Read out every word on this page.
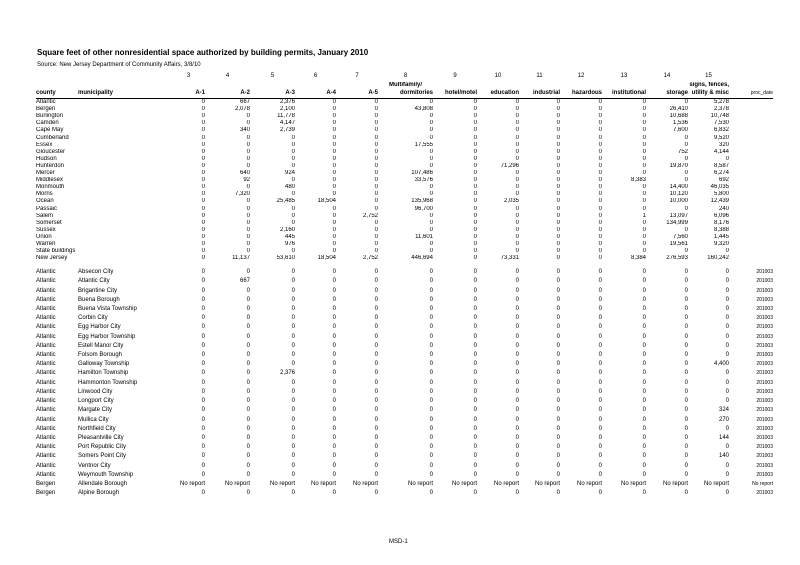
Square feet of other nonresidential space authorized by building permits, January 2010
Source: New Jersey Department of Community Affairs, 3/8/10
		3	4	5	6	7	8	9	10	11	12	13	14	15	
							Multifamily/							signs, fences,	
county	municipality	A-1	A-2	A-3	A-4	A-5	dormitories	hotel/motel	education	industrial	hazardous	institutional	storage	utility & misc	proc_date
Atlantic		0	667	2,376	0	0	0	0	0	0	0	0	0	5,278	
Bergen		0	2,078	2,100	0	0	43,808	0	0	0	0	0	26,410	2,378	
Burlington		0	0	11,778	0	0	0	0	0	0	0	0	10,688	10,748	
Camden		0	0	4,147	0	0	0	0	0	0	0	0	1,536	7,530	
Cape May		0	340	2,739	0	0	0	0	0	0	0	0	7,600	6,832	
Cumberland		0	0	0	0	0	0	0	0	0	0	0	0	9,520	
Essex		0	0	0	0	0	17,555	0	0	0	0	0	0	320	
Gloucester		0	0	0	0	0	0	0	0	0	0	0	752	4,144	
Hudson		0	0	0	0	0	0	0	0	0	0	0	0	0	
Hunterdon		0	0	0	0	0	0	0	71,296	0	0	0	19,870	8,587	
Mercer		0	640	924	0	0	107,486	0	0	0	0	0	0	6,274	
Middlesex		0	92	0	0	0	33,576	0	0	0	0	8,383	0	692	
Monmouth		0	0	480	0	0	0	0	0	0	0	0	14,400	46,035	
Morris		0	7,320	0	0	0	0	0	0	0	0	0	10,120	5,800	
Ocean		0	0	25,485	18,504	0	135,968	0	2,035	0	0	0	10,000	12,439	
Passaic		0	0	0	0	0	96,700	0	0	0	0	0	0	240	
Salem		0	0	0	0	2,752	0	0	0	0	0	1	13,097	6,096	
Somerset		0	0	0	0	0	0	0	0	0	0	0	134,999	8,176	
Sussex		0	0	2,160	0	0	0	0	0	0	0	0	0	8,388	
Union		0	0	445	0	0	11,601	0	0	0	0	0	7,560	1,445	
Warren		0	0	976	0	0	0	0	0	0	0	0	19,561	9,320	
State buildings		0	0	0	0	0	0	0	0	0	0	0	0	0	
New Jersey		0	11,137	53,610	18,504	2,752	446,694	0	73,331	0	0	8,384	276,593	160,242	

Atlantic	Absecon City	0	0	0	0	0	0	0	0	0	0	0	0	0	201003
Atlantic	Atlantic City	0	667	0	0	0	0	0	0	0	0	0	0	0	201003
Atlantic	Brigantine City	0	0	0	0	0	0	0	0	0	0	0	0	0	201003
Atlantic	Buena Borough	0	0	0	0	0	0	0	0	0	0	0	0	0	201003
Atlantic	Buena Vista Township	0	0	0	0	0	0	0	0	0	0	0	0	0	201003
Atlantic	Corbin City	0	0	0	0	0	0	0	0	0	0	0	0	0	201003
Atlantic	Egg Harbor City	0	0	0	0	0	0	0	0	0	0	0	0	0	201003
Atlantic	Egg Harbor Township	0	0	0	0	0	0	0	0	0	0	0	0	0	201003
Atlantic	Estell Manor City	0	0	0	0	0	0	0	0	0	0	0	0	0	201003
Atlantic	Folsom Borough	0	0	0	0	0	0	0	0	0	0	0	0	0	201003
Atlantic	Galloway Township	0	0	0	0	0	0	0	0	0	0	0	0	4,400	201003
Atlantic	Hamilton Township	0	0	2,376	0	0	0	0	0	0	0	0	0	0	201003
Atlantic	Hammonton Township	0	0	0	0	0	0	0	0	0	0	0	0	0	201003
Atlantic	Linwood City	0	0	0	0	0	0	0	0	0	0	0	0	0	201003
Atlantic	Longport City	0	0	0	0	0	0	0	0	0	0	0	0	0	201003
Atlantic	Margate City	0	0	0	0	0	0	0	0	0	0	0	0	324	201003
Atlantic	Mullica City	0	0	0	0	0	0	0	0	0	0	0	0	270	201003
Atlantic	Northfield City	0	0	0	0	0	0	0	0	0	0	0	0	0	201003
Atlantic	Pleasantville City	0	0	0	0	0	0	0	0	0	0	0	0	144	201003
Atlantic	Port Republic City	0	0	0	0	0	0	0	0	0	0	0	0	0	201003
Atlantic	Somers Point City	0	0	0	0	0	0	0	0	0	0	0	0	140	201003
Atlantic	Ventnor City	0	0	0	0	0	0	0	0	0	0	0	0	0	201003
Atlantic	Weymouth Township	0	0	0	0	0	0	0	0	0	0	0	0	0	201003
Bergen	Allendale Borough	No report	No report	No report	No report	No report	No report	No report	No report	No report	No report	No report	No report	No report	No report
Bergen	Alpine Borough	0	0	0	0	0	0	0	0	0	0	0	0	0	201003
MSD-1
